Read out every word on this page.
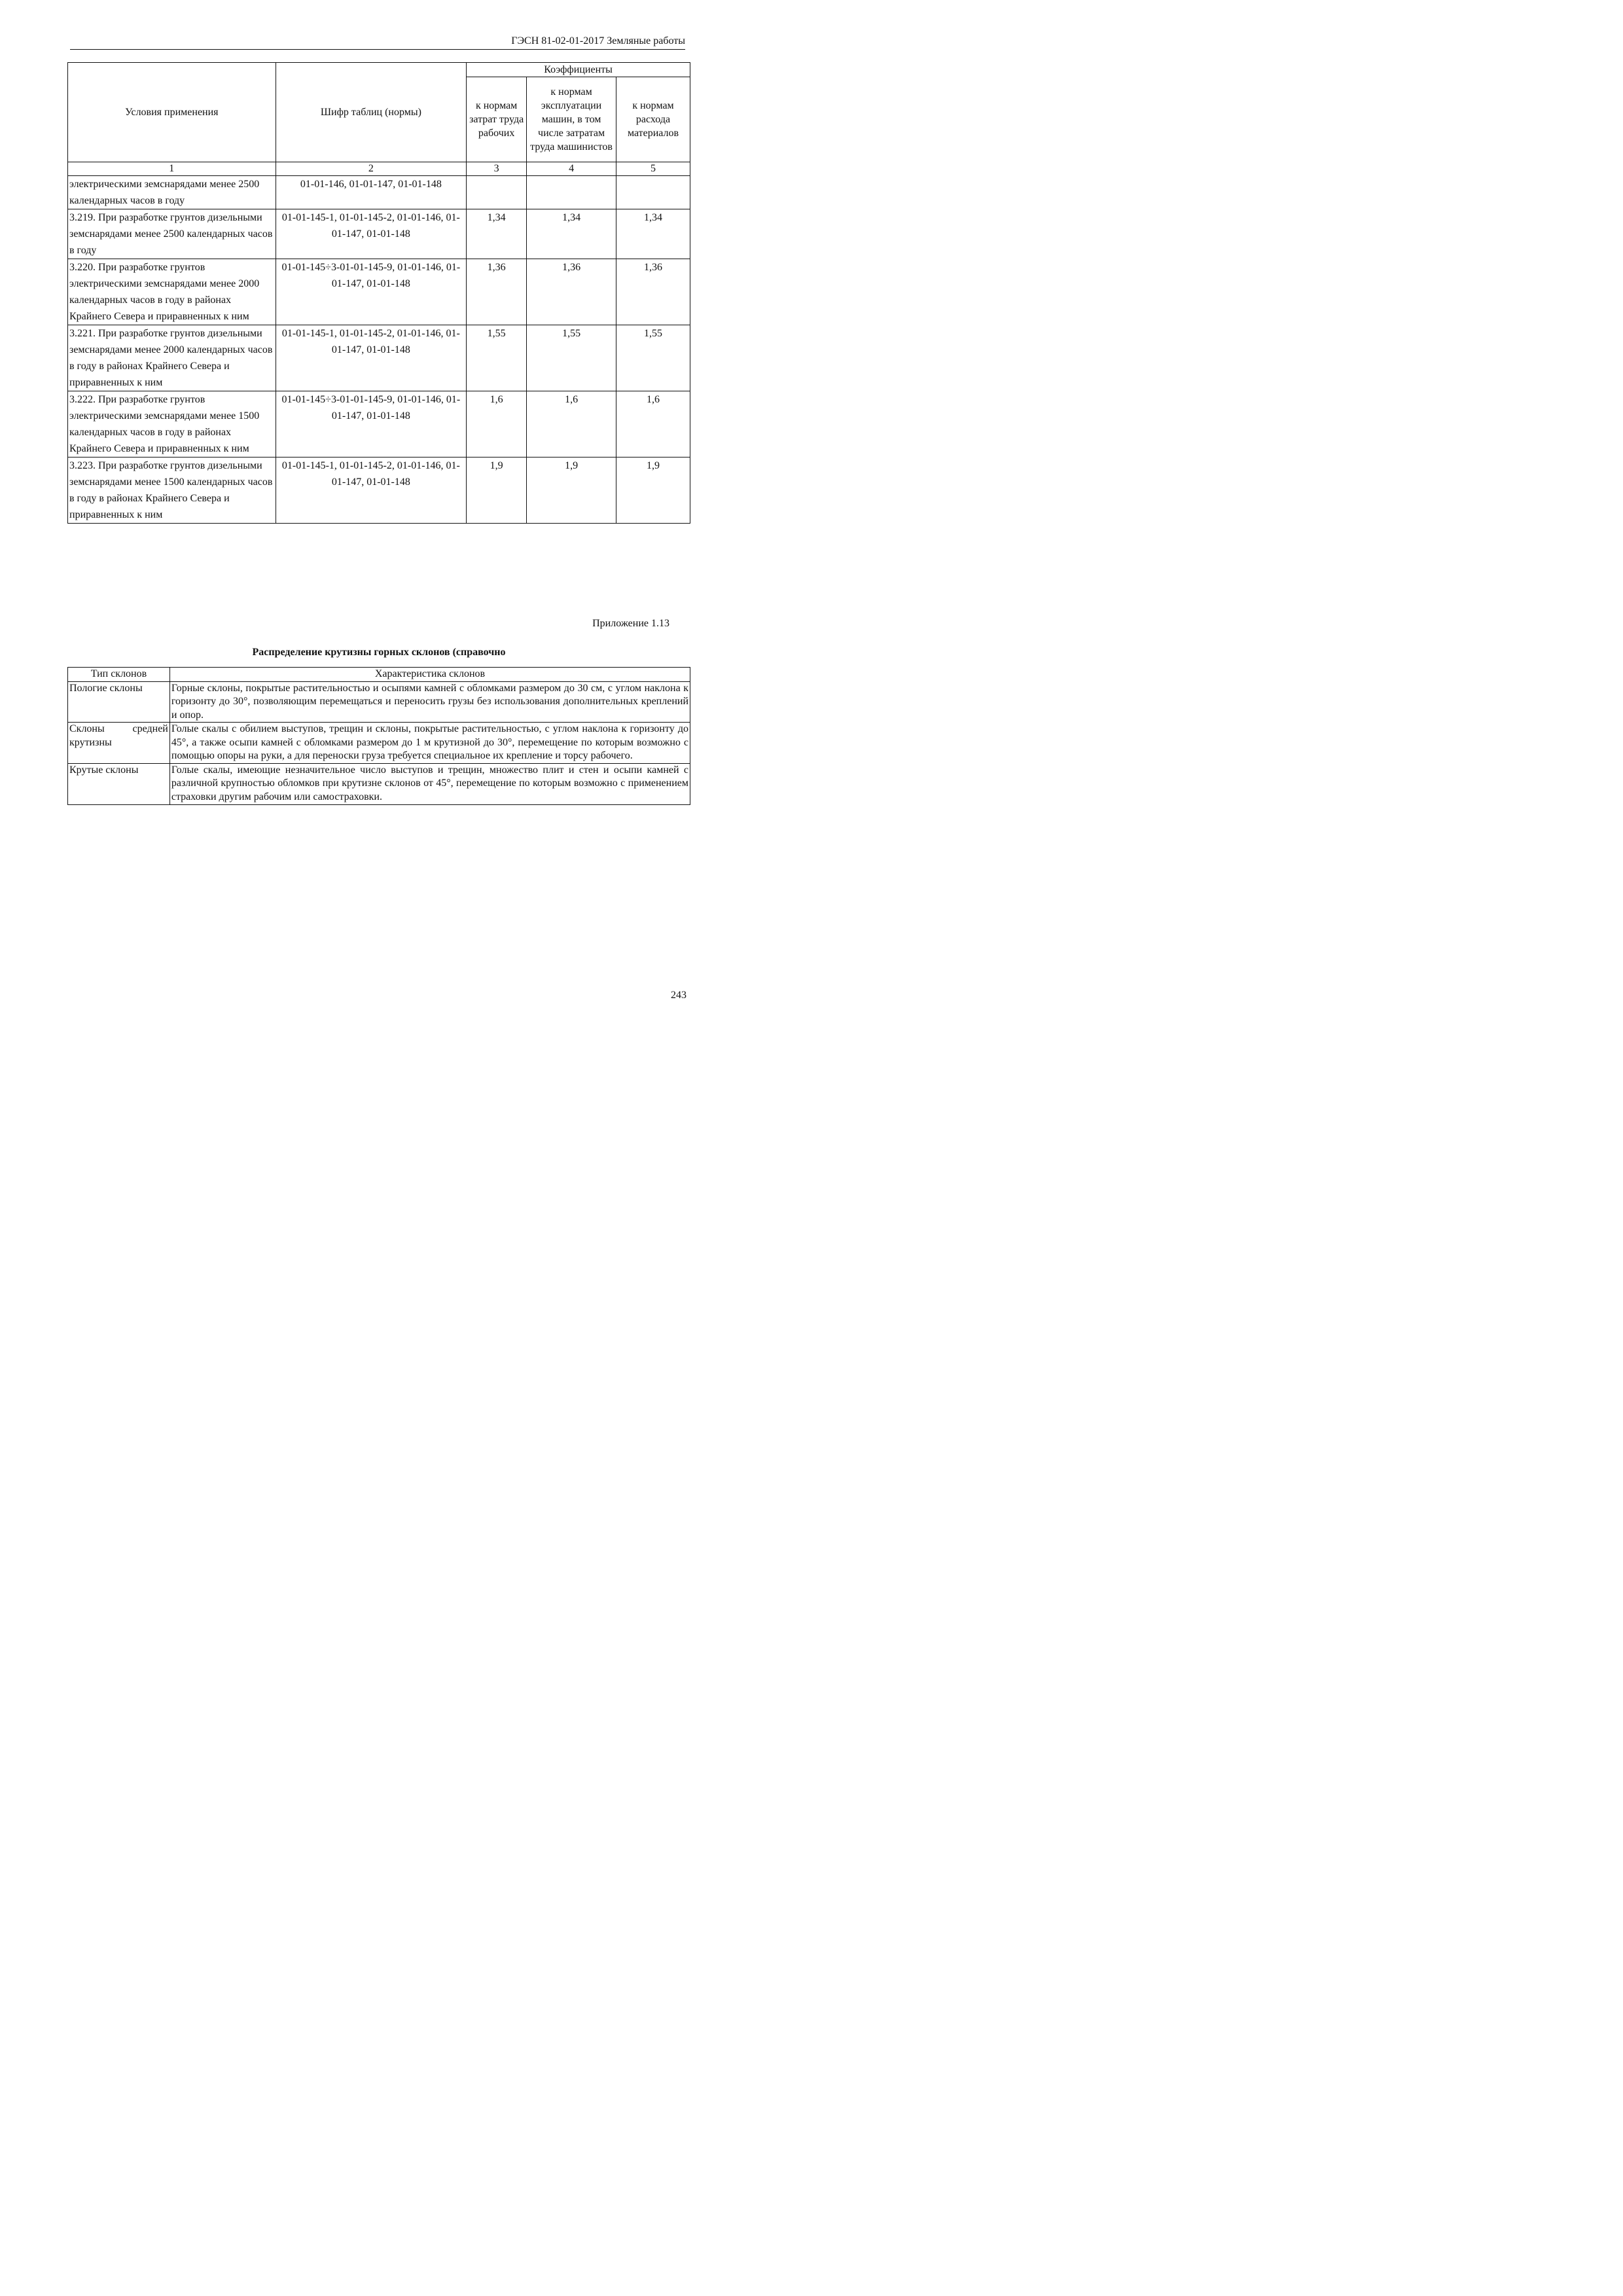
ГЭСН 81-02-01-2017 Земляные работы
Условия применения	Шифр таблиц (нормы)	Коэффициенты		
		к нормам затрат труда рабочих	к нормам эксплуатации машин, в том числе затратам труда машинистов	к нормам расхода материалов
1	2	3	4	5
электрическими земснарядами менее 2500 календарных часов в году	01-01-146, 01-01-147, 01-01-148			
3.219. При разработке грунтов дизельными земснарядами менее 2500 календарных часов в году	01-01-145-1, 01-01-145-2, 01-01-146, 01-01-147, 01-01-148	1,34	1,34	1,34
3.220. При разработке грунтов электрическими земснарядами менее 2000 календарных часов в году в районах Крайнего Севера и приравненных к ним	01-01-145÷3-01-01-145-9, 01-01-146, 01-01-147, 01-01-148	1,36	1,36	1,36
3.221. При разработке грунтов дизельными земснарядами менее 2000 календарных часов в году в районах Крайнего Севера и приравненных к ним	01-01-145-1, 01-01-145-2, 01-01-146, 01-01-147, 01-01-148	1,55	1,55	1,55
3.222. При разработке грунтов электрическими земснарядами менее 1500 календарных часов в году в районах Крайнего Севера и приравненных к ним	01-01-145÷3-01-01-145-9, 01-01-146, 01-01-147, 01-01-148	1,6	1,6	1,6
3.223. При разработке грунтов дизельными земснарядами менее 1500 календарных часов в году в районах Крайнего Севера и приравненных к ним	01-01-145-1, 01-01-145-2, 01-01-146, 01-01-147, 01-01-148	1,9	1,9	1,9
Приложение 1.13
Распределение крутизны горных склонов (справочно
Тип склонов	Характеристика склонов
Пологие склоны	Горные склоны, покрытые растительностью и осыпями камней с обломками размером до 30 см, с углом наклона к горизонту до 30°, позволяющим перемещаться и переносить грузы без использования дополнительных креплений и опор.
Склоны средней крутизны	Голые скалы с обилием выступов, трещин и склоны, покрытые растительностью, с углом наклона к горизонту до 45°, а также осыпи камней с обломками размером до 1 м крутизной до 30°, перемещение по которым возможно с помощью опоры на руки, а для переноски груза требуется специальное их крепление и торсу рабочего.
Крутые склоны	Голые скалы, имеющие незначительное число выступов и трещин, множество плит и стен и осыпи камней с различной крупностью обломков при крутизне склонов от 45°, перемещение по которым возможно с применением страховки другим рабочим или самостраховки.
243
